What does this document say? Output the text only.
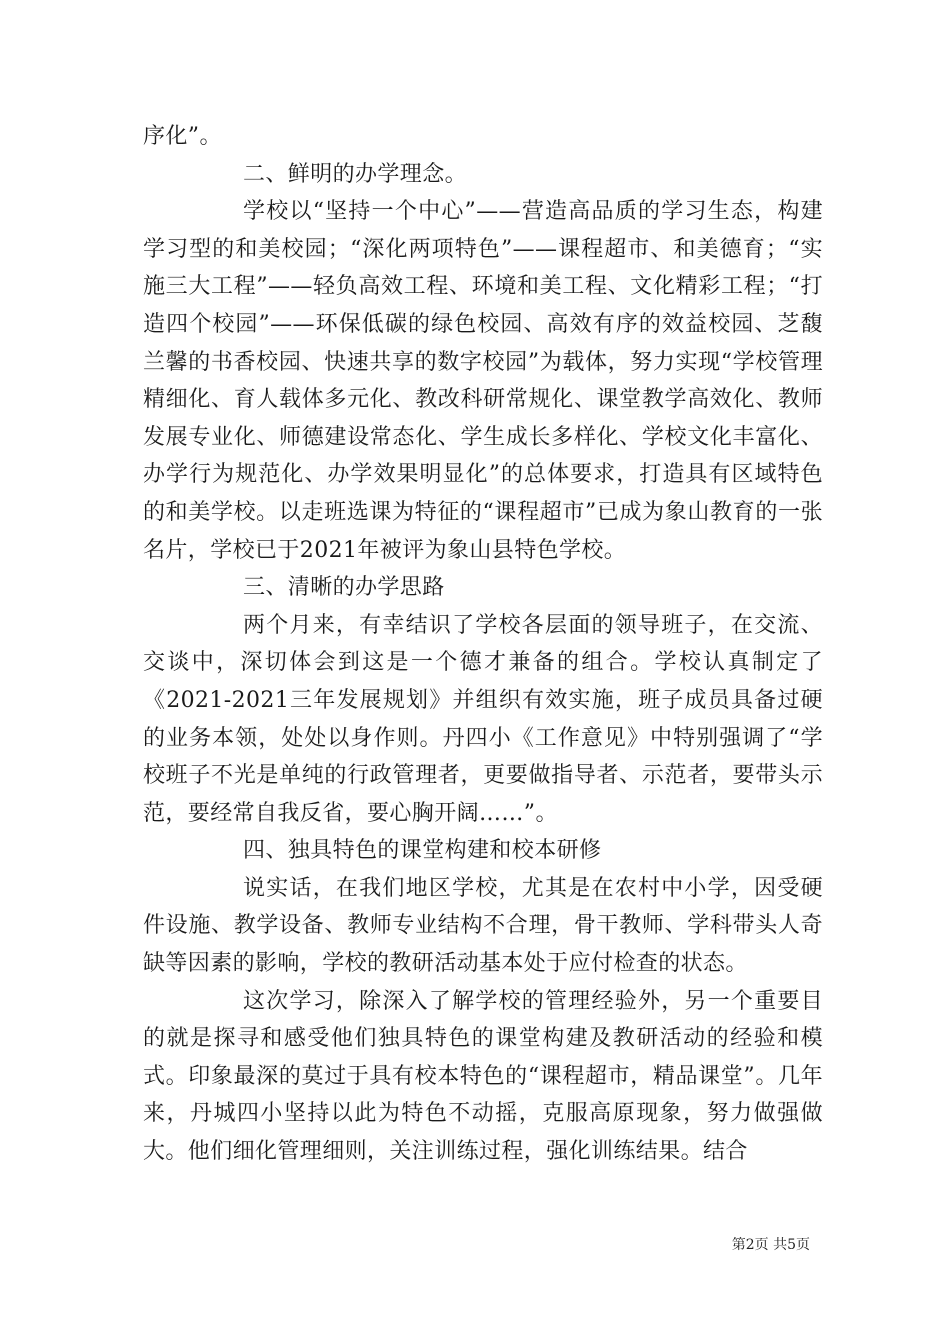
序化”。

二、鲜明的办学理念。

学校以“坚持一个中心”——营造高品质的学习生态，构建学习型的和美校园；“深化两项特色”——课程超市、和美德育；“实施三大工程”——轻负高效工程、环境和美工程、文化精彩工程；“打造四个校园”——环保低碳的绿色校园、高效有序的效益校园、芝馥兰馨的书香校园、快速共享的数字校园”为载体，努力实现“学校管理精细化、育人载体多元化、教改科研常规化、课堂教学高效化、教师发展专业化、师德建设常态化、学生成长多样化、学校文化丰富化、办学行为规范化、办学效果明显化”的总体要求，打造具有区域特色的和美学校。以走班选课为特征的“课程超市”已成为象山教育的一张名片，学校已于2021年被评为象山县特色学校。

三、清晰的办学思路

两个月来，有幸结识了学校各层面的领导班子，在交流、交谈中，深切体会到这是一个德才兼备的组合。学校认真制定了《2021-2021三年发展规划》并组织有效实施，班子成员具备过硬的业务本领，处处以身作则。丹四小《工作意见》中特别强调了“学校班子不光是单纯的行政管理者，更要做指导者、示范者，要带头示范，要经常自我反省，要心胸开阔……”。

四、独具特色的课堂构建和校本研修

说实话，在我们地区学校，尤其是在农村中小学，因受硬件设施、教学设备、教师专业结构不合理，骨干教师、学科带头人奇缺等因素的影响，学校的教研活动基本处于应付检查的状态。

这次学习，除深入了解学校的管理经验外，另一个重要目的就是探寻和感受他们独具特色的课堂构建及教研活动的经验和模式。印象最深的莫过于具有校本特色的“课程超市，精品课堂”。几年来，丹城四小坚持以此为特色不动摇，克服高原现象，努力做强做大。他们细化管理细则，关注训练过程，强化训练结果。结合

第2页 共5页
